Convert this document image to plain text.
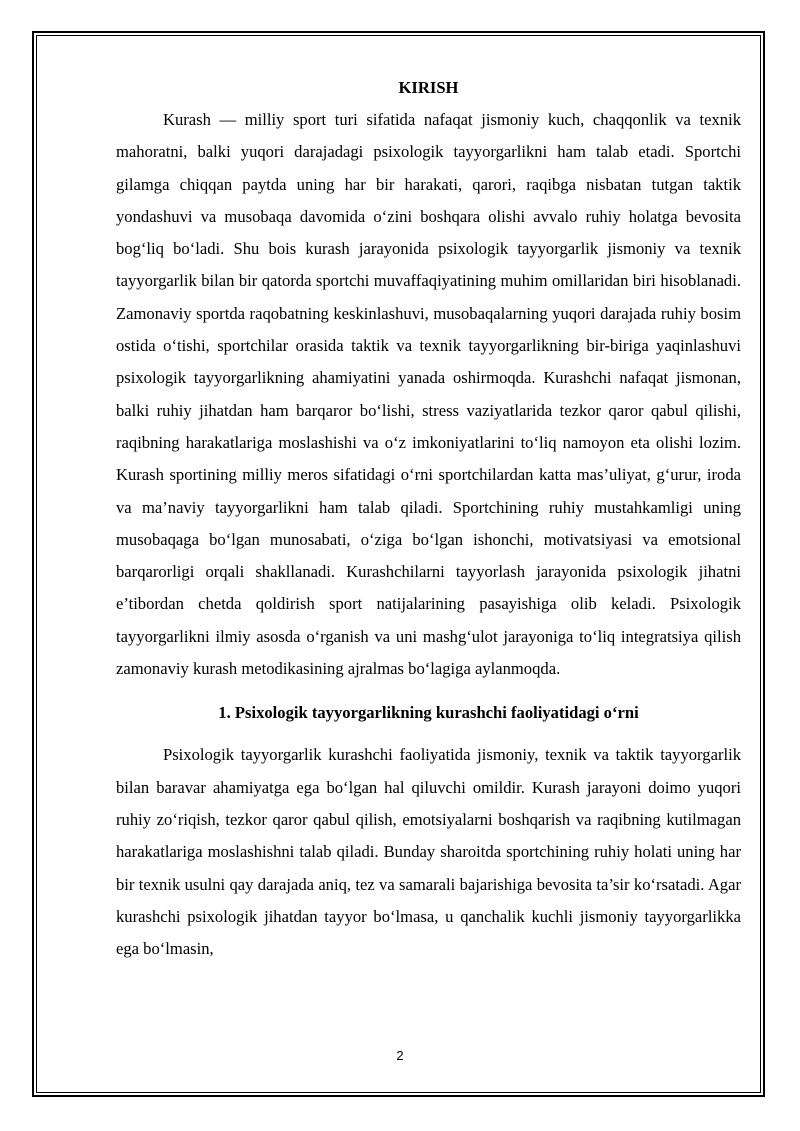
KIRISH

Kurash — milliy sport turi sifatida nafaqat jismoniy kuch, chaqqonlik va texnik mahoratni, balki yuqori darajadagi psixologik tayyorgarlikni ham talab etadi. Sportchi gilamga chiqqan paytda uning har bir harakati, qarori, raqibga nisbatan tutgan taktik yondashuvi va musobaqa davomida o‘zini boshqara olishi avvalo ruhiy holatga bevosita bog‘liq bo‘ladi. Shu bois kurash jarayonida psixologik tayyorgarlik jismoniy va texnik tayyorgarlik bilan bir qatorda sportchi muvaffaqiyatining muhim omillaridan biri hisoblanadi. Zamonaviy sportda raqobatning keskinlashuvi, musobaqalarning yuqori darajada ruhiy bosim ostida o‘tishi, sportchilar orasida taktik va texnik tayyorgarlikning bir-biriga yaqinlashuvi psixologik tayyorgarlikning ahamiyatini yanada oshirmoqda. Kurashchi nafaqat jismonan, balki ruhiy jihatdan ham barqaror bo‘lishi, stress vaziyatlarida tezkor qaror qabul qilishi, raqibning harakatlariga moslashishi va o‘z imkoniyatlarini to‘liq namoyon eta olishi lozim. Kurash sportining milliy meros sifatidagi o‘rni sportchilardan katta mas’uliyat, g‘urur, iroda va ma’naviy tayyorgarlikni ham talab qiladi. Sportchining ruhiy mustahkamligi uning musobaqaga bo‘lgan munosabati, o‘ziga bo‘lgan ishonchi, motivatsiyasi va emotsional barqarorligi orqali shakllanadi. Kurashchilarni tayyorlash jarayonida psixologik jihatni e’tibordan chetda qoldirish sport natijalarining pasayishiga olib keladi. Psixologik tayyorgarlikni ilmiy asosda o‘rganish va uni mashg‘ulot jarayoniga to‘liq integratsiya qilish zamonaviy kurash metodikasining ajralmas bo‘lagiga aylanmoqda.

1. Psixologik tayyorgarlikning kurashchi faoliyatidagi o‘rni

Psixologik tayyorgarlik kurashchi faoliyatida jismoniy, texnik va taktik tayyorgarlik bilan baravar ahamiyatga ega bo‘lgan hal qiluvchi omildir. Kurash jarayoni doimo yuqori ruhiy zo‘riqish, tezkor qaror qabul qilish, emotsiyalarni boshqarish va raqibning kutilmagan harakatlariga moslashishni talab qiladi. Bunday sharoitda sportchining ruhiy holati uning har bir texnik usulni qay darajada aniq, tez va samarali bajarishiga bevosita ta’sir ko‘rsatadi. Agar kurashchi psixologik jihatdan tayyor bo‘lmasa, u qanchalik kuchli jismoniy tayyorgarlikka ega bo‘lmasin,

2
